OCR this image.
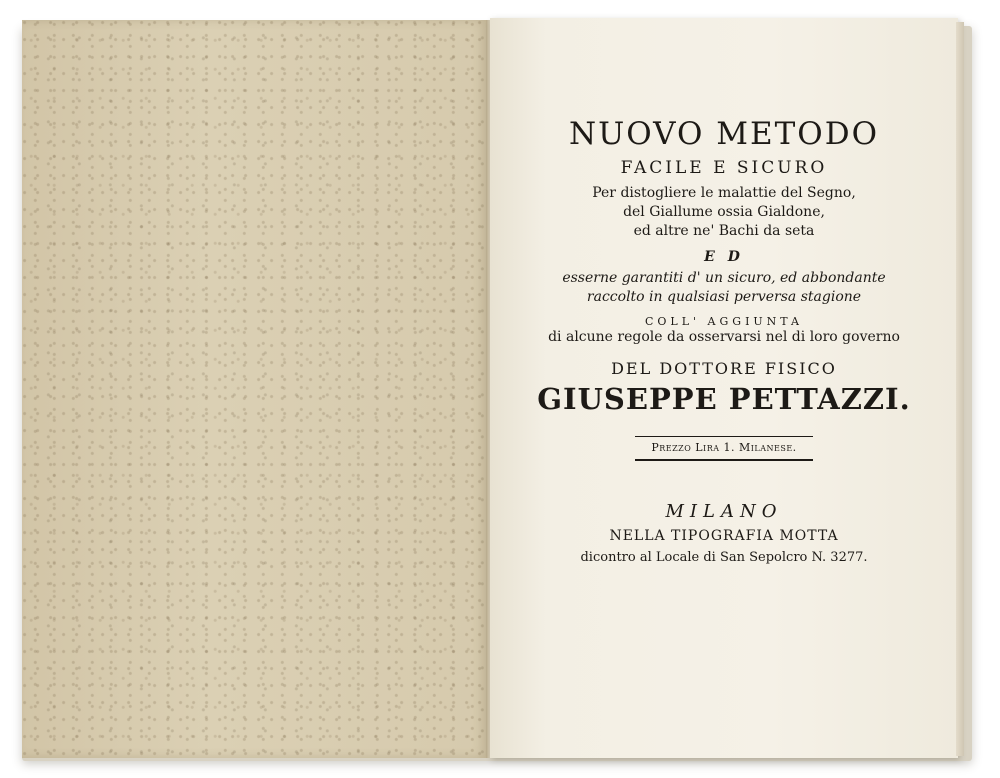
NUOVO METODO
FACILE E SICURO
Per distogliere le malattie del Segno,
del Giallume ossia Gialdone,
ed altre ne' Bachi da seta
E D
esserne garantiti d' un sicuro, ed abbondante
raccolto in qualsiasi perversa stagione
COLL' AGGIUNTA
di alcune regole da osservarsi nel di loro governo
DEL DOTTORE FISICO
GIUSEPPE PETTAZZI.
Prezzo Lira 1. Milanese.
MILANO
NELLA TIPOGRAFIA MOTTA
dicontro al Locale di San Sepolcro N. 3277.
